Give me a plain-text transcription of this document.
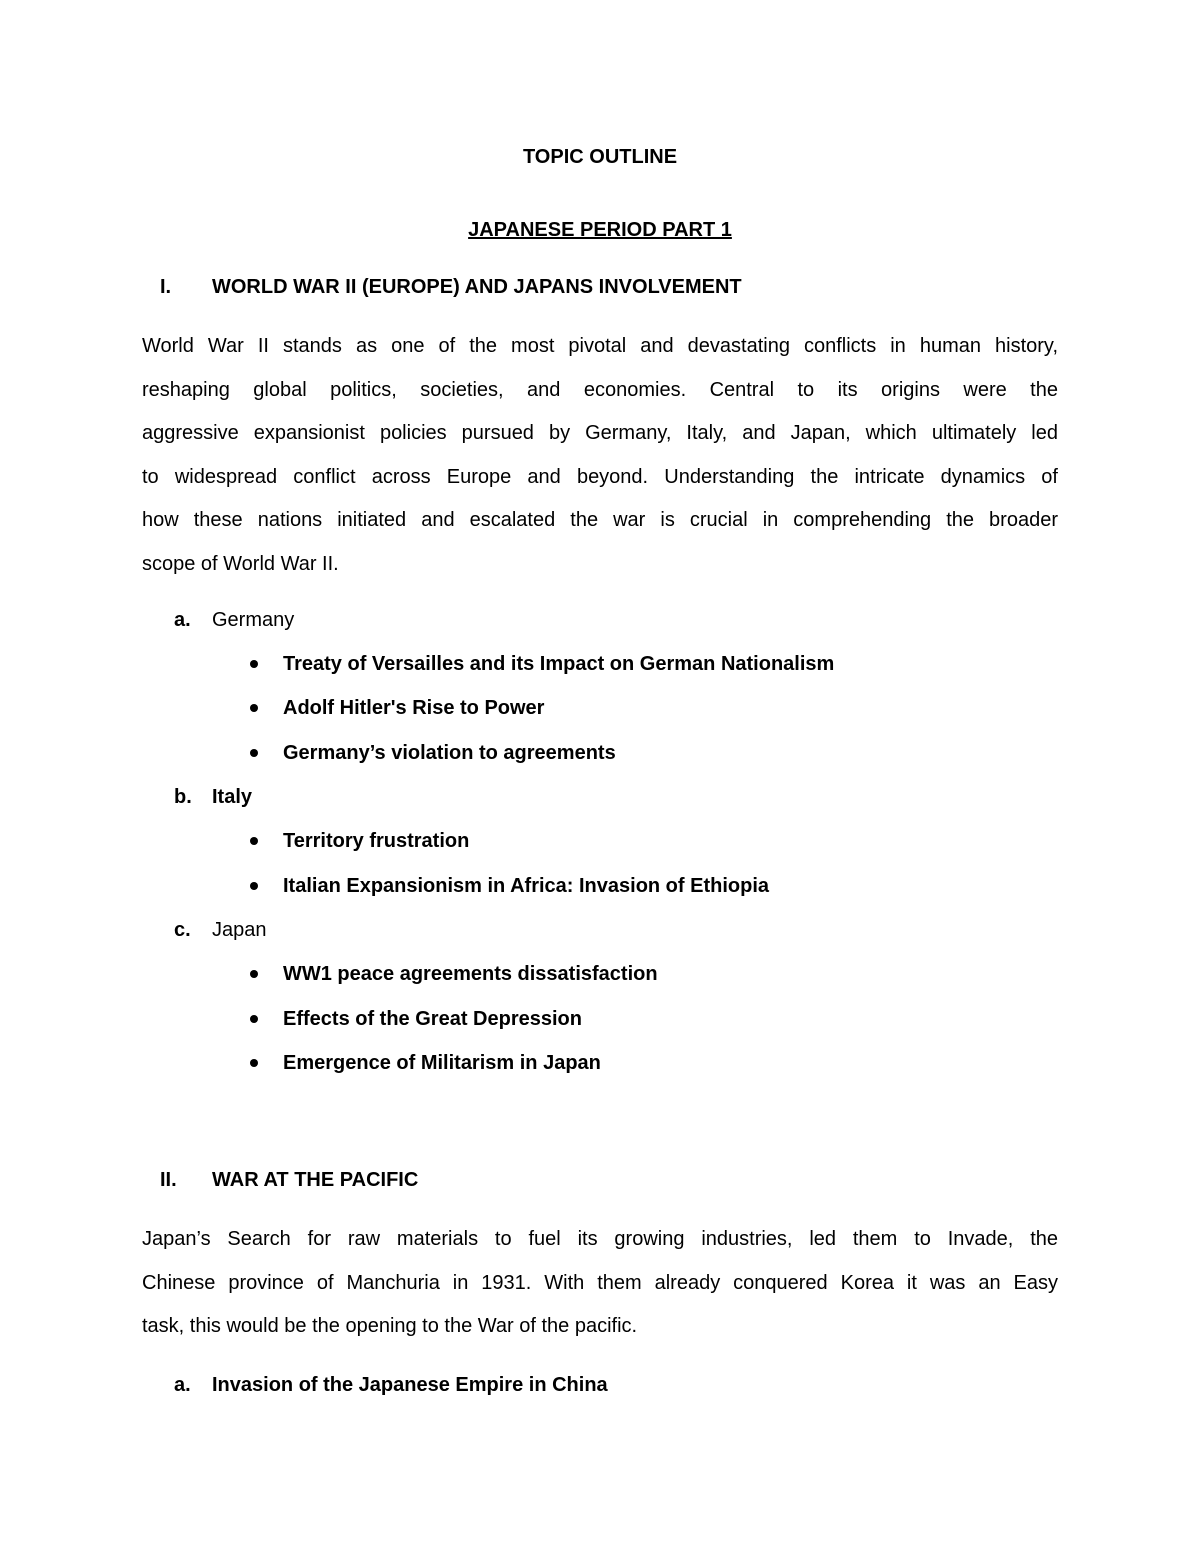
TOPIC OUTLINE
JAPANESE PERIOD PART 1
I. WORLD WAR II (EUROPE) AND JAPANS INVOLVEMENT
World War II stands as one of the most pivotal and devastating conflicts in human history,
reshaping global politics, societies, and economies. Central to its origins were the
aggressive expansionist policies pursued by Germany, Italy, and Japan, which ultimately led
to widespread conflict across Europe and beyond. Understanding the intricate dynamics of
how these nations initiated and escalated the war is crucial in comprehending the broader
scope of World War II.
a. Germany
Treaty of Versailles and its Impact on German Nationalism
Adolf Hitler's Rise to Power
Germany’s violation to agreements
b. Italy
Territory frustration
Italian Expansionism in Africa: Invasion of Ethiopia
c. Japan
WW1 peace agreements dissatisfaction
Effects of the Great Depression
Emergence of Militarism in Japan
II. WAR AT THE PACIFIC
Japan’s Search for raw materials to fuel its growing industries, led them to Invade, the
Chinese province of Manchuria in 1931. With them already conquered Korea it was an Easy
task, this would be the opening to the War of the pacific.
a. Invasion of the Japanese Empire in China
